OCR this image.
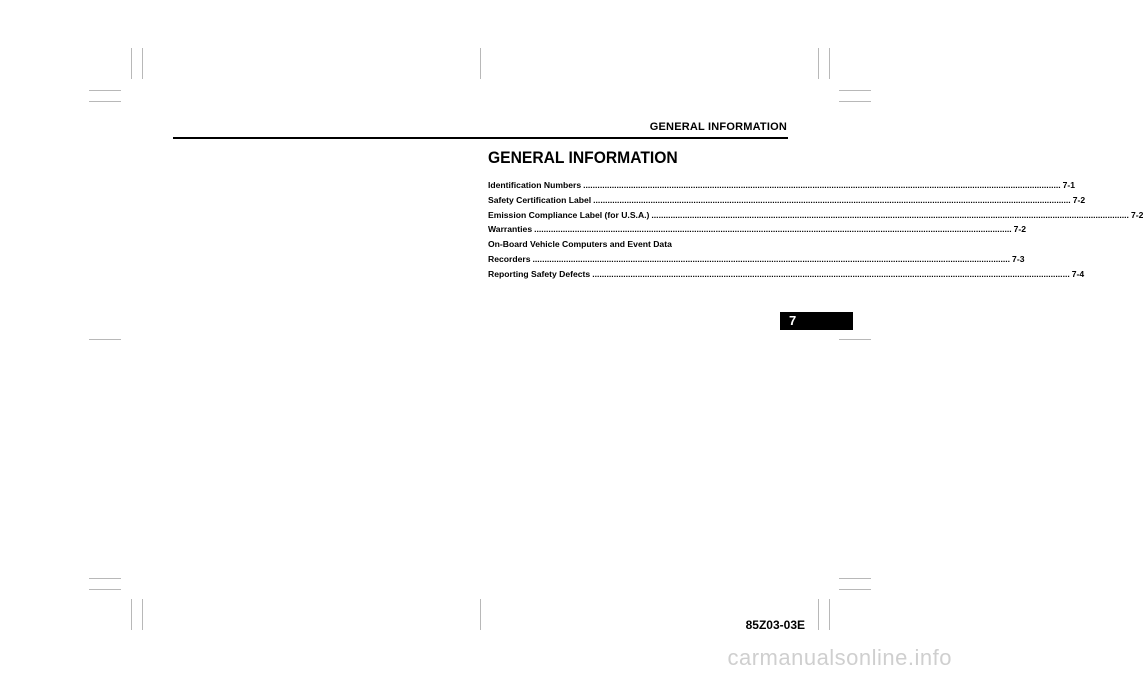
GENERAL INFORMATION
GENERAL INFORMATION
Identification Numbers ........................................................................................................................................................................................................ 7-1
Safety Certification Label ........................................................................................................................................................................................................ 7-2
Emission Compliance Label (for U.S.A.) ........................................................................................................................................................................................................ 7-2
Warranties ........................................................................................................................................................................................................ 7-2
On-Board Vehicle Computers and Event Data
Recorders ........................................................................................................................................................................................................ 7-3
Reporting Safety Defects ........................................................................................................................................................................................................ 7-4
7
85Z03-03E
carmanualsonline.info
